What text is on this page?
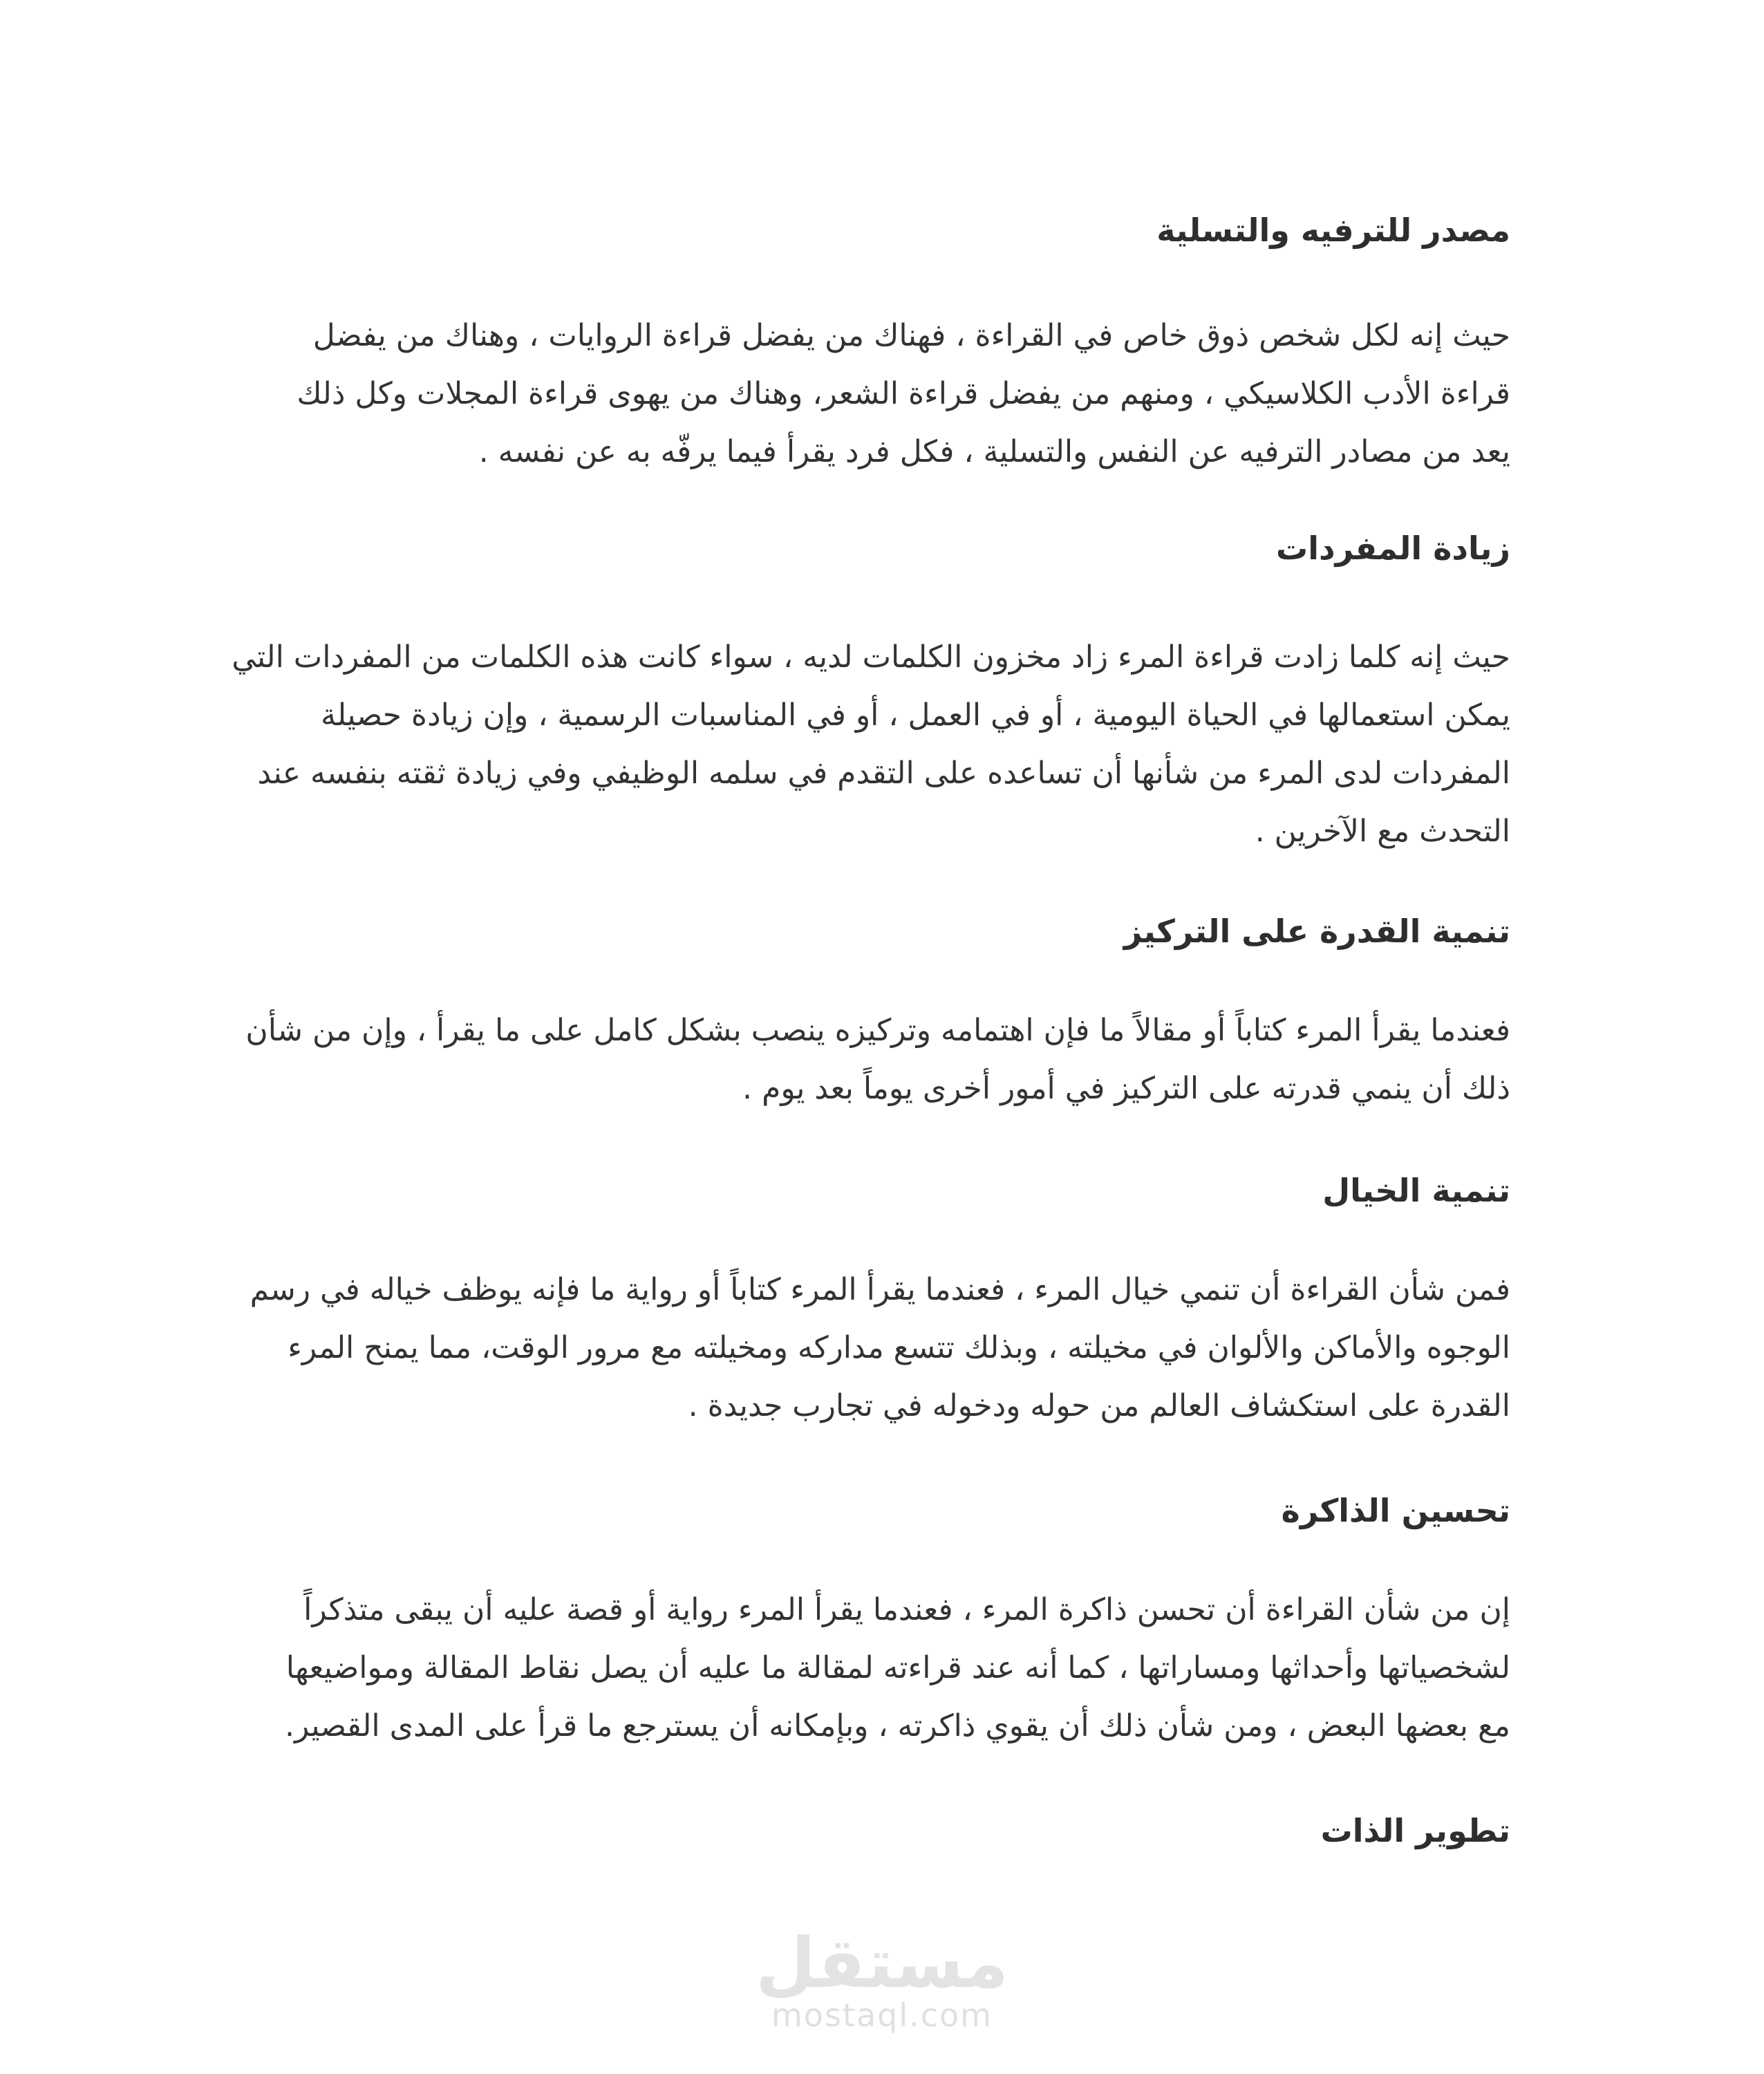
مصدر للترفيه والتسلية
حيث إنه لكل شخص ذوق خاص في القراءة ، فهناك من يفضل قراءة الروايات ، وهناك من يفضل
قراءة الأدب الكلاسيكي ، ومنهم من يفضل قراءة الشعر، وهناك من يهوى قراءة المجلات وكل ذلك
يعد من مصادر الترفيه عن النفس والتسلية ، فكل فرد يقرأ فيما يرفّه به عن نفسه .
زيادة المفردات
حيث إنه كلما زادت قراءة المرء زاد مخزون الكلمات لديه ، سواء كانت هذه الكلمات من المفردات التي
يمكن استعمالها في الحياة اليومية ، أو في العمل ، أو في المناسبات الرسمية ، وإن زيادة حصيلة
المفردات لدى المرء من شأنها أن تساعده على التقدم في سلمه الوظيفي وفي زيادة ثقته بنفسه عند
التحدث مع الآخرين .
تنمية القدرة على التركيز
فعندما يقرأ المرء كتاباً أو مقالاً ما فإن اهتمامه وتركيزه ينصب بشكل كامل على ما يقرأ ، وإن من شأن
ذلك أن ينمي قدرته على التركيز في أمور أخرى يوماً بعد يوم .
تنمية الخيال
فمن شأن القراءة أن تنمي خيال المرء ، فعندما يقرأ المرء كتاباً أو رواية ما فإنه يوظف خياله في رسم
الوجوه والأماكن والألوان في مخيلته ، وبذلك تتسع مداركه ومخيلته مع مرور الوقت، مما يمنح المرء
القدرة على استكشاف العالم من حوله ودخوله في تجارب جديدة .
تحسين الذاكرة
إن من شأن القراءة أن تحسن ذاكرة المرء ، فعندما يقرأ المرء رواية أو قصة عليه أن يبقى متذكراً
لشخصياتها وأحداثها ومساراتها ، كما أنه عند قراءته لمقالة ما عليه أن يصل نقاط المقالة ومواضيعها
مع بعضها البعض ، ومن شأن ذلك أن يقوي ذاكرته ، وبإمكانه أن يسترجع ما قرأ على المدى القصير.
تطوير الذات
مستقل
mostaql.com
